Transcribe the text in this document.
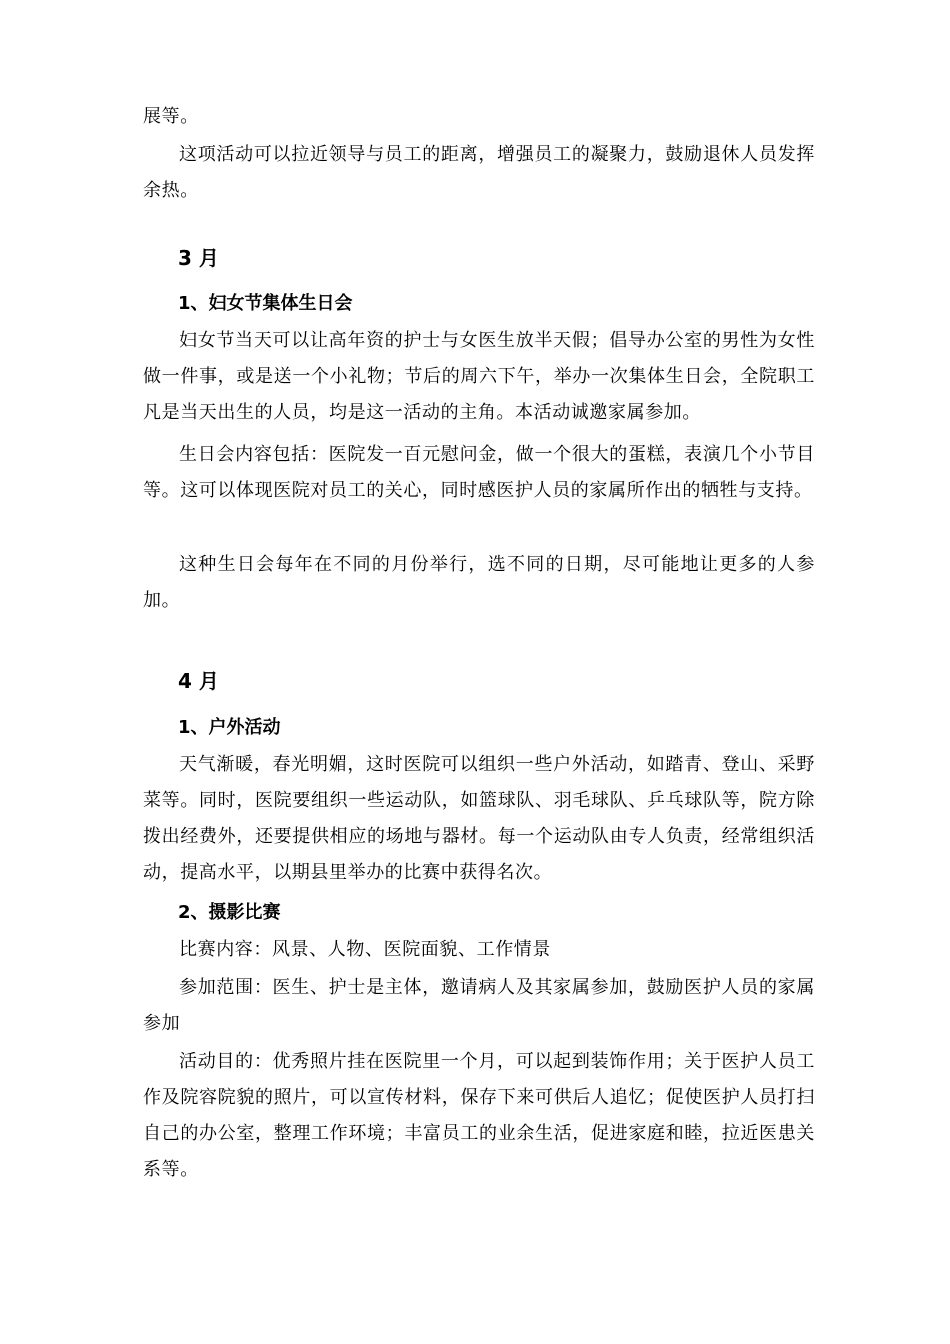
展等。

这项活动可以拉近领导与员工的距离，增强员工的凝聚力，鼓励退休人员发挥余热。

3 月
1、妇女节集体生日会

妇女节当天可以让高年资的护士与女医生放半天假；倡导办公室的男性为女性做一件事，或是送一个小礼物；节后的周六下午，举办一次集体生日会，全院职工凡是当天出生的人员，均是这一活动的主角。本活动诚邀家属参加。

生日会内容包括：医院发一百元慰问金，做一个很大的蛋糕，表演几个小节目等。这可以体现医院对员工的关心，同时感医护人员的家属所作出的牺牲与支持。

这种生日会每年在不同的月份举行，选不同的日期，尽可能地让更多的人参加。

4 月
1、户外活动

天气渐暖，春光明媚，这时医院可以组织一些户外活动，如踏青、登山、采野菜等。同时，医院要组织一些运动队，如篮球队、羽毛球队、乒乓球队等，院方除拨出经费外，还要提供相应的场地与器材。每一个运动队由专人负责，经常组织活动，提高水平，以期县里举办的比赛中获得名次。

2、摄影比赛

比赛内容：风景、人物、医院面貌、工作情景

参加范围：医生、护士是主体，邀请病人及其家属参加，鼓励医护人员的家属参加

活动目的：优秀照片挂在医院里一个月，可以起到装饰作用；关于医护人员工作及院容院貌的照片，可以宣传材料，保存下来可供后人追忆；促使医护人员打扫自己的办公室，整理工作环境；丰富员工的业余生活，促进家庭和睦，拉近医患关系等。
